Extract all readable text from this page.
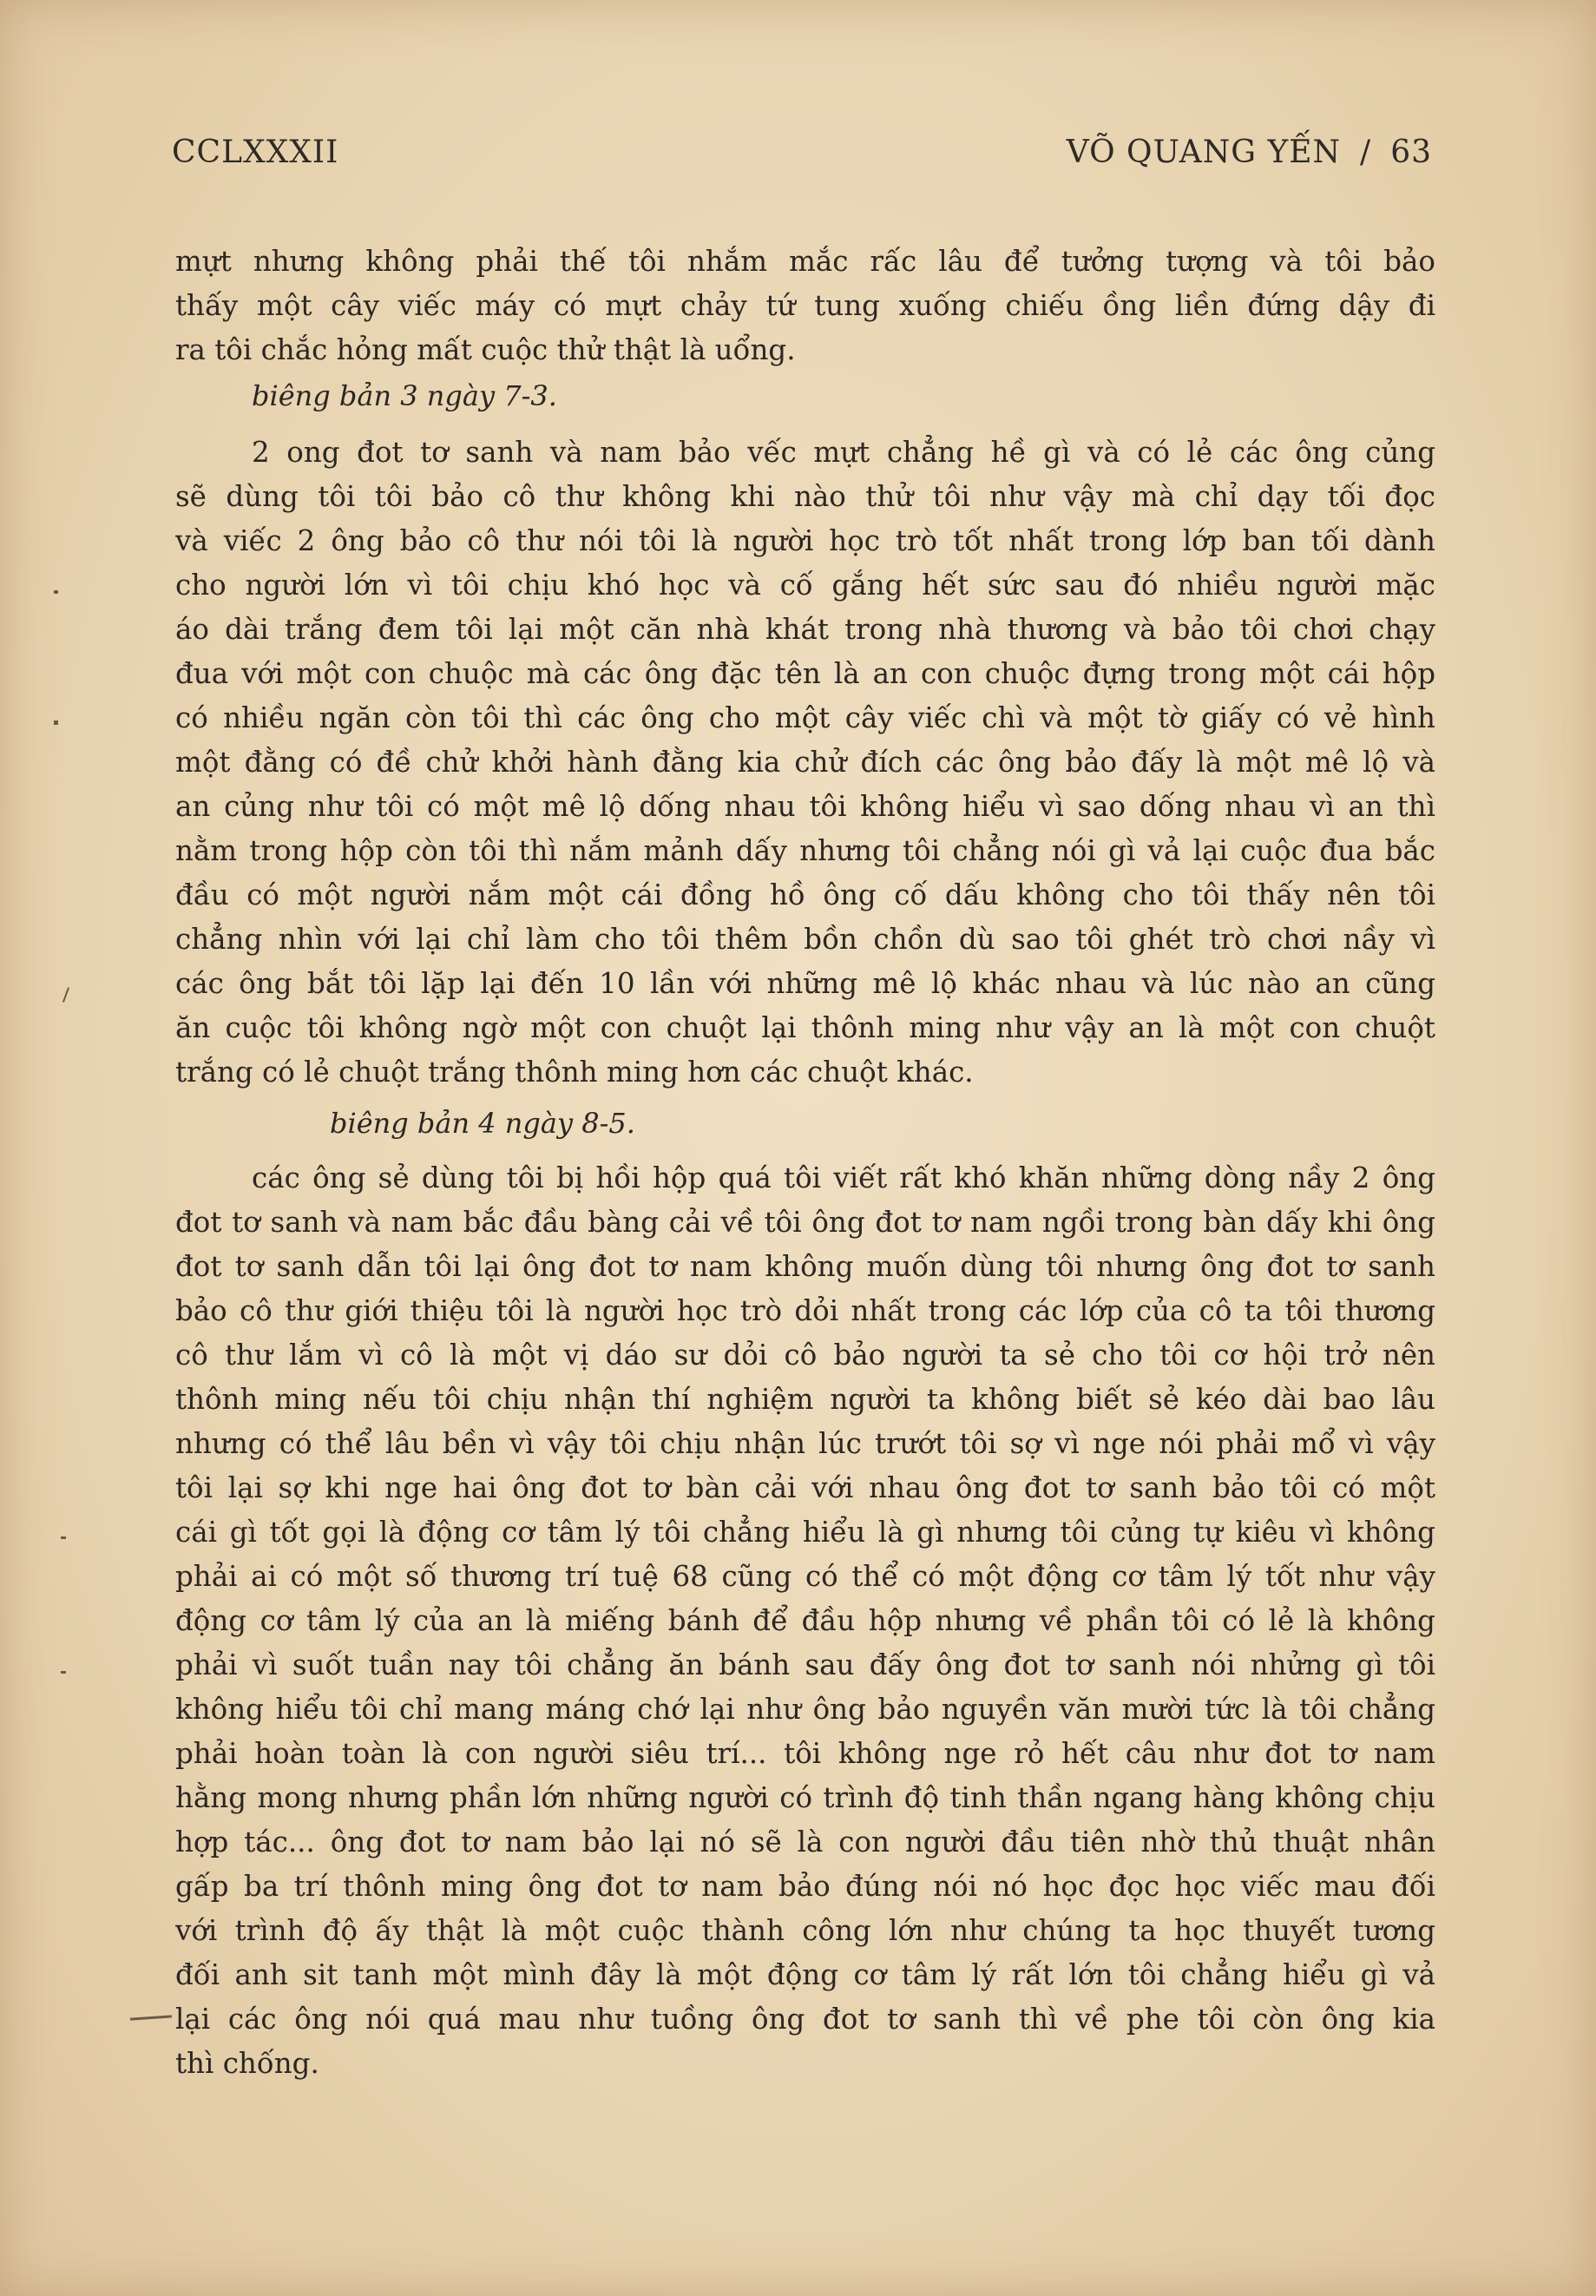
CCLXXXII	VÕ QUANG YẾN / 63
mựt nhưng không phải thế tôi nhắm mắc rấc lâu để tưởng tượng và tôi bảo
thấy một cây viếc máy có mựt chảy tứ tung xuống chiếu ồng liền đứng dậy đi
ra tôi chắc hỏng mất cuộc thử thật là uổng.
biêng bản 3 ngày 7-3.
2 ong đot tơ sanh và nam bảo vếc mựt chẳng hề gì và có lẻ các ông củng
sẽ dùng tôi tôi bảo cô thư không khi nào thử tôi như vậy mà chỉ dạy tối đọc
và viếc 2 ông bảo cô thư nói tôi là người học trò tốt nhất trong lớp ban tối dành
cho người lớn vì tôi chịu khó học và cố gắng hết sức sau đó nhiều người mặc
áo dài trắng đem tôi lại một căn nhà khát trong nhà thương và bảo tôi chơi chạy
đua với một con chuộc mà các ông đặc tên là an con chuộc đựng trong một cái hộp
có nhiều ngăn còn tôi thì các ông cho một cây viếc chì và một tờ giấy có vẻ hình
một đằng có đề chử khởi hành đằng kia chử đích các ông bảo đấy là một mê lộ và
an củng như tôi có một mê lộ dống nhau tôi không hiểu vì sao dống nhau vì an thì
nằm trong hộp còn tôi thì nắm mảnh dấy nhưng tôi chẳng nói gì vả lại cuộc đua bắc
đầu có một người nắm một cái đồng hồ ông cố dấu không cho tôi thấy nên tôi
chẳng nhìn với lại chỉ làm cho tôi thêm bồn chồn dù sao tôi ghét trò chơi nầy vì
các ông bắt tôi lặp lại đến 10 lần với những mê lộ khác nhau và lúc nào an cũng
ăn cuộc tôi không ngờ một con chuột lại thônh ming như vậy an là một con chuột
trắng có lẻ chuột trắng thônh ming hơn các chuột khác.
biêng bản 4 ngày 8-5.
các ông sẻ dùng tôi bị hồi hộp quá tôi viết rất khó khăn những dòng nầy 2 ông
đot tơ sanh và nam bắc đầu bàng cải về tôi ông đot tơ nam ngồi trong bàn dấy khi ông
đot tơ sanh dẫn tôi lại ông đot tơ nam không muốn dùng tôi nhưng ông đot tơ sanh
bảo cô thư giới thiệu tôi là người học trò dỏi nhất trong các lớp của cô ta tôi thương
cô thư lắm vì cô là một vị dáo sư dỏi cô bảo người ta sẻ cho tôi cơ hội trở nên
thônh ming nếu tôi chịu nhận thí nghiệm người ta không biết sẻ kéo dài bao lâu
nhưng có thể lâu bền vì vậy tôi chịu nhận lúc trướt tôi sợ vì nge nói phải mổ vì vậy
tôi lại sợ khi nge hai ông đot tơ bàn cải với nhau ông đot tơ sanh bảo tôi có một
cái gì tốt gọi là động cơ tâm lý tôi chẳng hiểu là gì nhưng tôi củng tự kiêu vì không
phải ai có một số thương trí tuệ 68 cũng có thể có một động cơ tâm lý tốt như vậy
động cơ tâm lý của an là miếng bánh để đầu hộp nhưng về phần tôi có lẻ là không
phải vì suốt tuần nay tôi chẳng ăn bánh sau đấy ông đot tơ sanh nói nhửng gì tôi
không hiểu tôi chỉ mang máng chớ lại như ông bảo nguyền văn mười tức là tôi chẳng
phải hoàn toàn là con người siêu trí... tôi không nge rỏ hết câu như đot tơ nam
hằng mong nhưng phần lớn những người có trình độ tinh thần ngang hàng không chịu
hợp tác... ông đot tơ nam bảo lại nó sẽ là con người đầu tiên nhờ thủ thuật nhân
gấp ba trí thônh ming ông đot tơ nam bảo đúng nói nó học đọc học viếc mau đối
với trình độ ấy thật là một cuộc thành công lớn như chúng ta học thuyết tương
đối anh sit tanh một mình đây là một động cơ tâm lý rất lớn tôi chẳng hiểu gì vả
lại các ông nói quá mau như tuồng ông đot tơ sanh thì về phe tôi còn ông kia
thì chống.
